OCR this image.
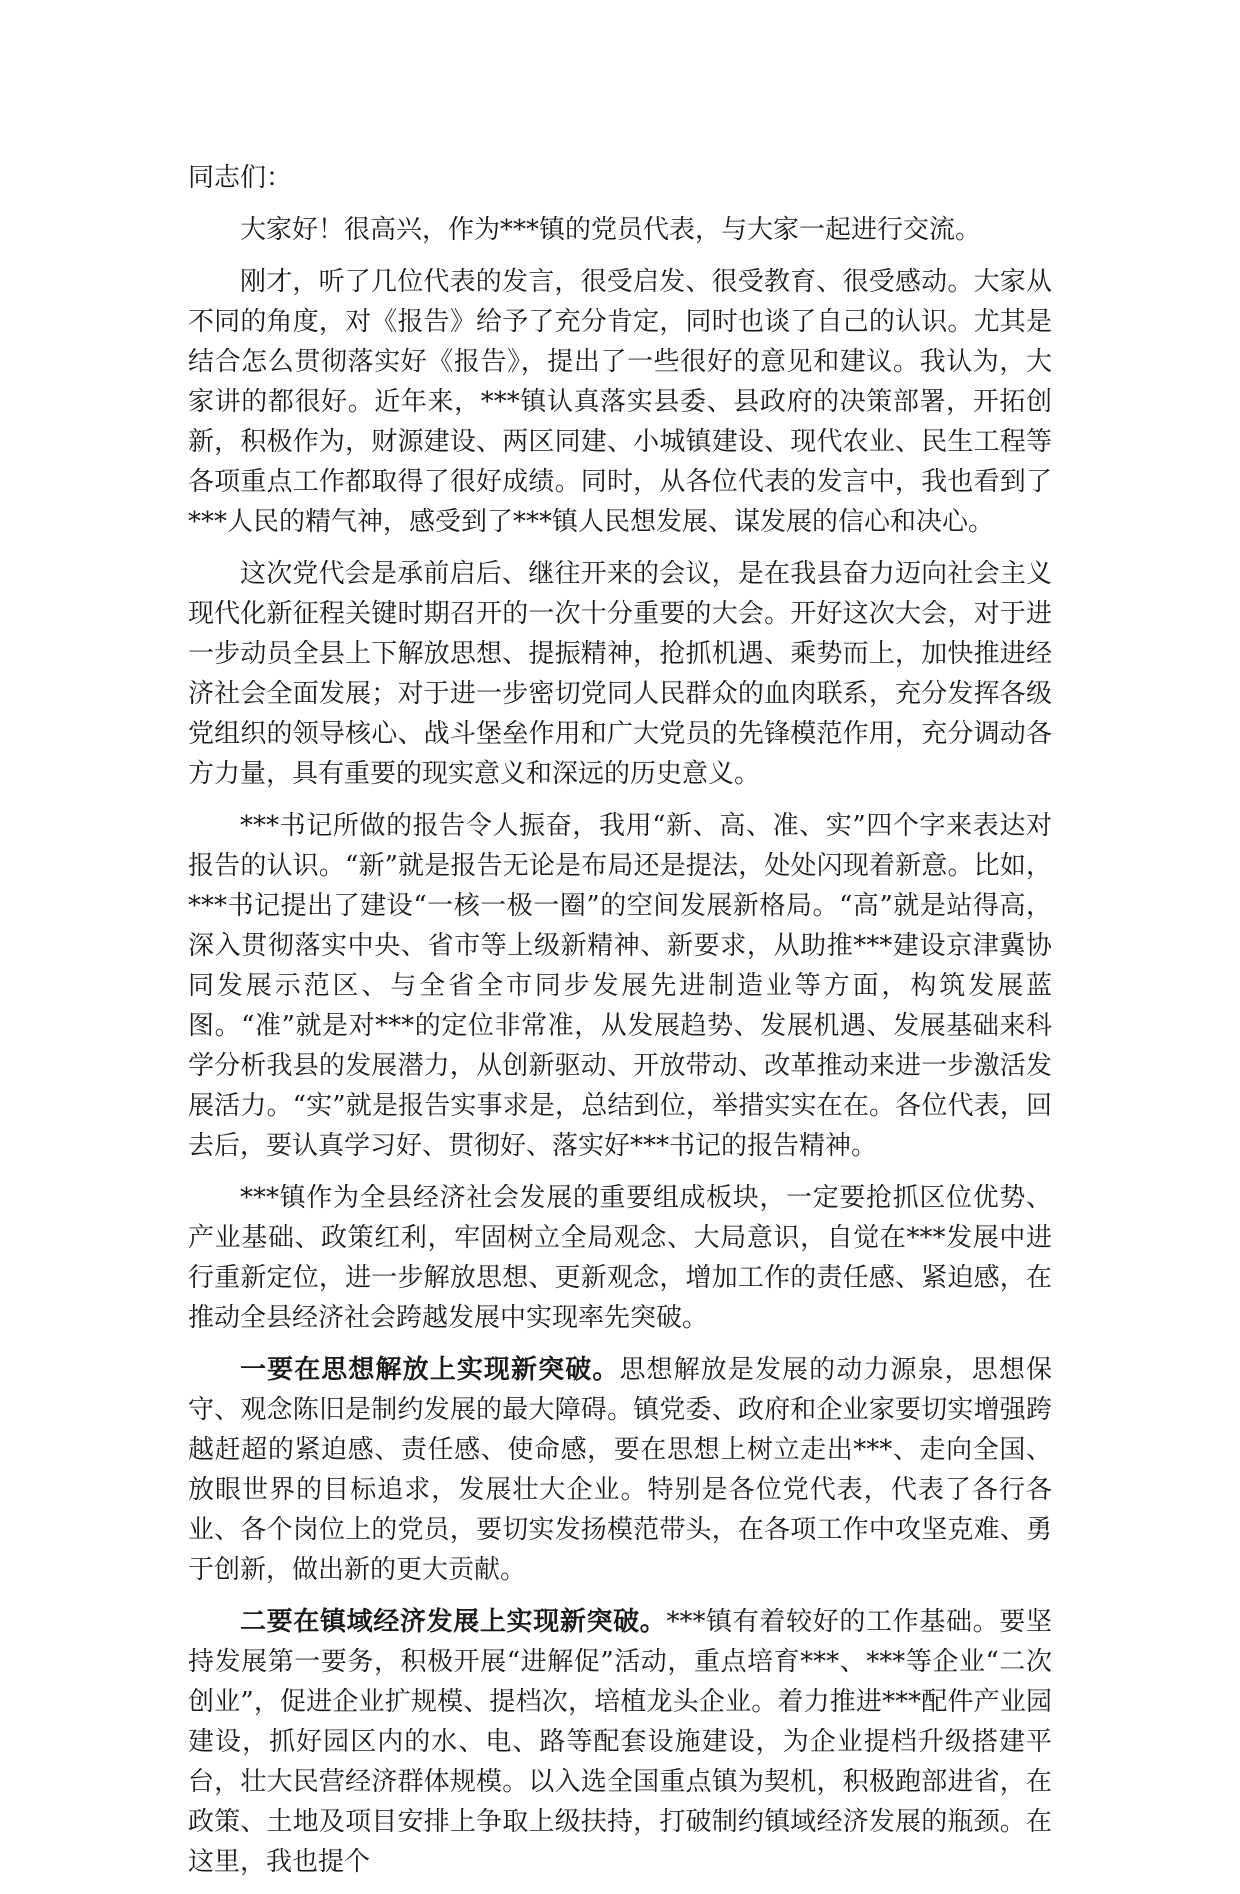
同志们：

大家好！很高兴，作为***镇的党员代表，与大家一起进行交流。

刚才，听了几位代表的发言，很受启发、很受教育、很受感动。大家从不同的角度，对《报告》给予了充分肯定，同时也谈了自己的认识。尤其是结合怎么贯彻落实好《报告》，提出了一些很好的意见和建议。我认为，大家讲的都很好。近年来，***镇认真落实县委、县政府的决策部署，开拓创新，积极作为，财源建设、两区同建、小城镇建设、现代农业、民生工程等各项重点工作都取得了很好成绩。同时，从各位代表的发言中，我也看到了***人民的精气神，感受到了***镇人民想发展、谋发展的信心和决心。

这次党代会是承前启后、继往开来的会议，是在我县奋力迈向社会主义现代化新征程关键时期召开的一次十分重要的大会。开好这次大会，对于进一步动员全县上下解放思想、提振精神，抢抓机遇、乘势而上，加快推进经济社会全面发展；对于进一步密切党同人民群众的血肉联系，充分发挥各级党组织的领导核心、战斗堡垒作用和广大党员的先锋模范作用，充分调动各方力量，具有重要的现实意义和深远的历史意义。

***书记所做的报告令人振奋，我用“新、高、准、实”四个字来表达对报告的认识。“新”就是报告无论是布局还是提法，处处闪现着新意。比如，***书记提出了建设“一核一极一圈”的空间发展新格局。“高”就是站得高，深入贯彻落实中央、省市等上级新精神、新要求，从助推***建设京津冀协同发展示范区、与全省全市同步发展先进制造业等方面，构筑发展蓝图。“准”就是对***的定位非常准，从发展趋势、发展机遇、发展基础来科学分析我县的发展潜力，从创新驱动、开放带动、改革推动来进一步激活发展活力。“实”就是报告实事求是，总结到位，举措实实在在。各位代表，回去后，要认真学习好、贯彻好、落实好***书记的报告精神。

***镇作为全县经济社会发展的重要组成板块，一定要抢抓区位优势、产业基础、政策红利，牢固树立全局观念、大局意识，自觉在***发展中进行重新定位，进一步解放思想、更新观念，增加工作的责任感、紧迫感，在推动全县经济社会跨越发展中实现率先突破。

一要在思想解放上实现新突破。思想解放是发展的动力源泉，思想保守、观念陈旧是制约发展的最大障碍。镇党委、政府和企业家要切实增强跨越赶超的紧迫感、责任感、使命感，要在思想上树立走出***、走向全国、放眼世界的目标追求，发展壮大企业。特别是各位党代表，代表了各行各业、各个岗位上的党员，要切实发扬模范带头，在各项工作中攻坚克难、勇于创新，做出新的更大贡献。

二要在镇域经济发展上实现新突破。***镇有着较好的工作基础。要坚持发展第一要务，积极开展“进解促”活动，重点培育***、***等企业“二次创业”，促进企业扩规模、提档次，培植龙头企业。着力推进***配件产业园建设，抓好园区内的水、电、路等配套设施建设，为企业提档升级搭建平台，壮大民营经济群体规模。以入选全国重点镇为契机，积极跑部进省，在政策、土地及项目安排上争取上级扶持，打破制约镇域经济发展的瓶颈。在这里，我也提个
